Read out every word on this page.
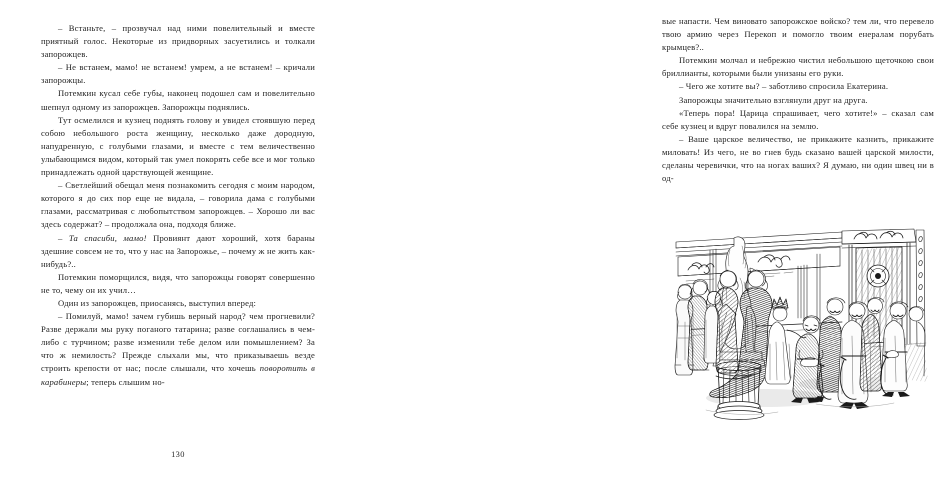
– Встаньте, – прозвучал над ними повелительный и вместе приятный голос. Некоторые из придворных засуетились и толкали запорожцев.

– Не встанем, мамо! не встанем! умрем, а не встанем! – кричали запорожцы.

Потемкин кусал себе губы, наконец подошел сам и повелительно шепнул одному из запорожцев. Запорожцы поднялись.

Тут осмелился и кузнец поднять голову и увидел стоявшую перед собою небольшого роста женщину, несколько даже дородную, напудренную, с голубыми глазами, и вместе с тем величественно улыбающимся видом, который так умел покорять себе все и мог только принадлежать одной царствующей женщине.

– Светлейший обещал меня познакомить сегодня с моим народом, которого я до сих пор еще не видала, – говорила дама с голубыми глазами, рассматривая с любопытством запорожцев. – Хорошо ли вас здесь содержат? – продолжала она, подходя ближе.

– Та спасиби, мамо! Провиянт дают хороший, хотя бараны здешние совсем не то, что у нас на Запорожье, – почему ж не жить как-нибудь?..

Потемкин поморщился, видя, что запорожцы говорят совершенно не то, чему он их учил…

Один из запорожцев, приосанясь, выступил вперед:

– Помилуй, мамо! зачем губишь верный народ? чем прогневили? Разве держали мы руку поганого татарина; разве соглашались в чем-либо с турчином; разве изменили тебе делом или помышлением? За что ж немилость? Прежде слыхали мы, что приказываешь везде строить крепости от нас; после слышали, что хочешь поворотить в карабинеры; теперь слышим но-

130

вые напасти. Чем виновато запорожское войско? тем ли, что перевело твою армию через Перекоп и помогло твоим енералам порубать крымцев?..

Потемкин молчал и небрежно чистил небольшою щеточкою свои бриллианты, которыми были унизаны его руки.

– Чего же хотите вы? – заботливо спросила Екатерина.

Запорожцы значительно взглянули друг на друга.

«Теперь пора! Царица спрашивает, чего хотите!» – сказал сам себе кузнец и вдруг повалился на землю.

– Ваше царское величество, не прикажите казнить, прикажите миловать! Из чего, не во гнев будь сказано вашей царской милости, сделаны черевички, что на ногах ваших? Я думаю, ни один швец ни в од-
